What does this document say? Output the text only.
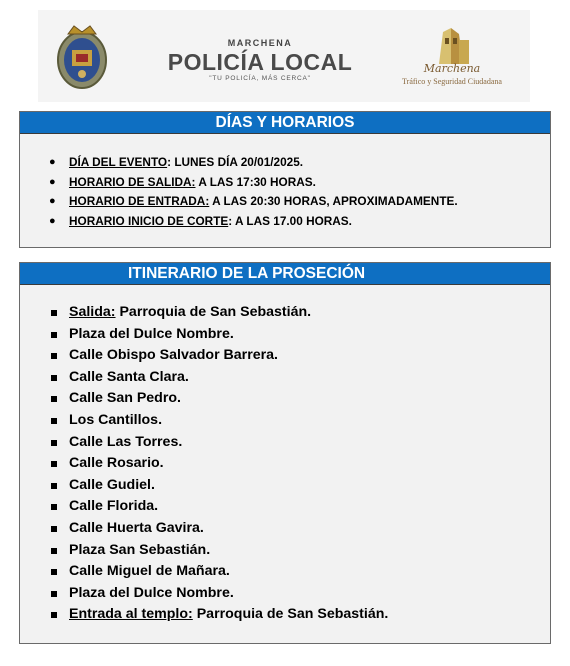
MARCHENA
POLICÍA LOCAL
"TU POLICÍA, MÁS CERCA"
Marchena
Tráfico y Seguridad Ciudadana
DÍAS Y HORARIOS
● DÍA DEL EVENTO: LUNES DÍA 20/01/2025.
● HORARIO DE SALIDA: A LAS 17:30 HORAS.
● HORARIO DE ENTRADA: A LAS 20:30 HORAS, APROXIMADAMENTE.
● HORARIO INICIO DE CORTE: A LAS 17.00 HORAS.
ITINERARIO DE LA PROSECIÓN
Salida: Parroquia de San Sebastián.
Plaza del Dulce Nombre.
Calle Obispo Salvador Barrera.
Calle Santa Clara.
Calle San Pedro.
Los Cantillos.
Calle Las Torres.
Calle Rosario.
Calle Gudiel.
Calle Florida.
Calle Huerta Gavira.
Plaza San Sebastián.
Calle Miguel de Mañara.
Plaza del Dulce Nombre.
Entrada al templo: Parroquia de San Sebastián.
